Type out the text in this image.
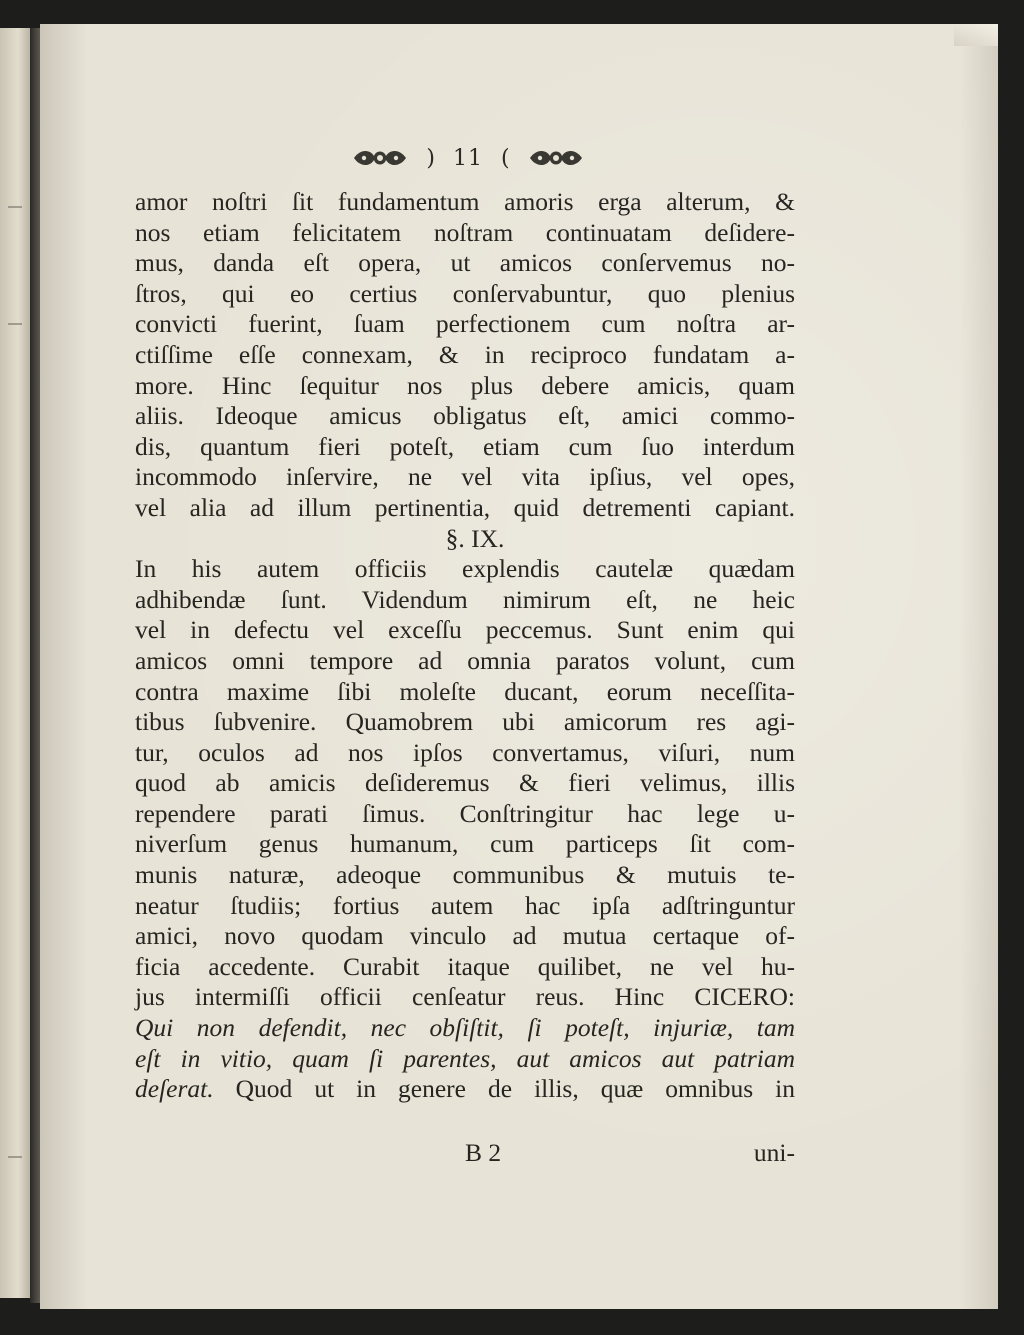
) 11 (
amor noſtri ſit fundamentum amoris erga alterum, &
nos etiam felicitatem noſtram continuatam deſidere-
mus, danda eſt opera, ut amicos conſervemus no-
ſtros, qui eo certius conſervabuntur, quo plenius
convicti fuerint, ſuam perfectionem cum noſtra ar-
ctiſſime eſſe connexam, & in reciproco fundatam a-
more. Hinc ſequitur nos plus debere amicis, quam
aliis. Ideoque amicus obligatus eſt, amici commo-
dis, quantum fieri poteſt, etiam cum ſuo interdum
incommodo inſervire, ne vel vita ipſius, vel opes,
vel alia ad illum pertinentia, quid detrementi capiant.
§. IX.
In his autem officiis explendis cautelæ quædam
adhibendæ ſunt. Videndum nimirum eſt, ne heic
vel in defectu vel exceſſu peccemus. Sunt enim qui
amicos omni tempore ad omnia paratos volunt, cum
contra maxime ſibi moleſte ducant, eorum neceſſita-
tibus ſubvenire. Quamobrem ubi amicorum res agi-
tur, oculos ad nos ipſos convertamus, viſuri, num
quod ab amicis deſideremus & fieri velimus, illis
rependere parati ſimus. Conſtringitur hac lege u-
niverſum genus humanum, cum particeps ſit com-
munis naturæ, adeoque communibus & mutuis te-
neatur ſtudiis; fortius autem hac ipſa adſtringuntur
amici, novo quodam vinculo ad mutua certaque of-
ficia accedente. Curabit itaque quilibet, ne vel hu-
jus intermiſſi officii cenſeatur reus. Hinc CICERO:
Qui non defendit, nec obſiſtit, ſi poteſt, injuriæ, tam
eſt in vitio, quam ſi parentes, aut amicos aut patriam
deſerat. Quod ut in genere de illis, quæ omnibus in
B 2	uni-
